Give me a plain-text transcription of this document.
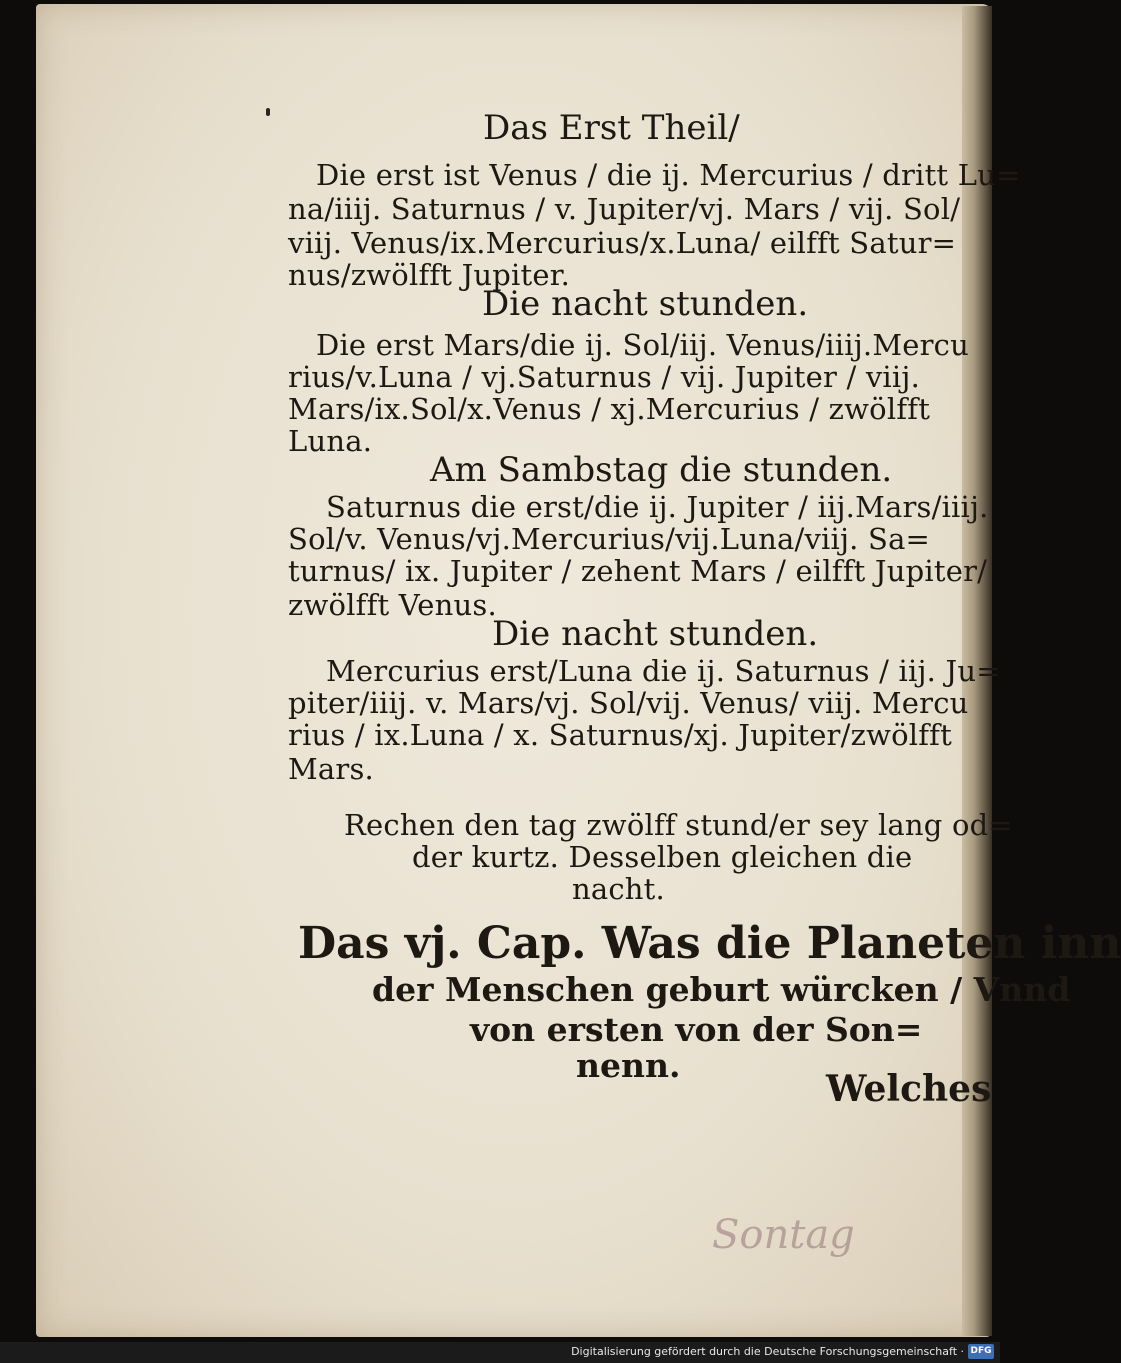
Das Erst Theil/
Die erst ist Venus / die ij. Mercurius / dritt Lu=
na/iiij. Saturnus / v. Jupiter/vj. Mars / vij. Sol/
viij. Venus/ix.Mercurius/x.Luna/ eilfft Satur=
nus/zwölfft Jupiter.
Die nacht stunden.
Die erst Mars/die ij. Sol/iij. Venus/iiij.Mercu
rius/v.Luna / vj.Saturnus / vij. Jupiter / viij.
Mars/ix.Sol/x.Venus / xj.Mercurius / zwölfft
Luna.
Am Sambstag die stunden.
Saturnus die erst/die ij. Jupiter / iij.Mars/iiij.
Sol/v. Venus/vj.Mercurius/vij.Luna/viij. Sa=
turnus/ ix. Jupiter / zehent Mars / eilfft Jupiter/
zwölfft Venus.
Die nacht stunden.
Mercurius erst/Luna die ij. Saturnus / iij. Ju=
piter/iiij. v. Mars/vj. Sol/vij. Venus/ viij. Mercu
rius / ix.Luna / x. Saturnus/xj. Jupiter/zwölfft
Mars.
Rechen den tag zwölff stund/er sey lang od=
der kurtz. Desselben gleichen die
nacht.
Das vj. Cap. Was die Planeten inn
der Menschen geburt würcken / Vnnd
von ersten von der Son=
nenn.
Welches
Sontag
Digitalisierung gefördert durch die Deutsche Forschungsgemeinschaft · DFG
